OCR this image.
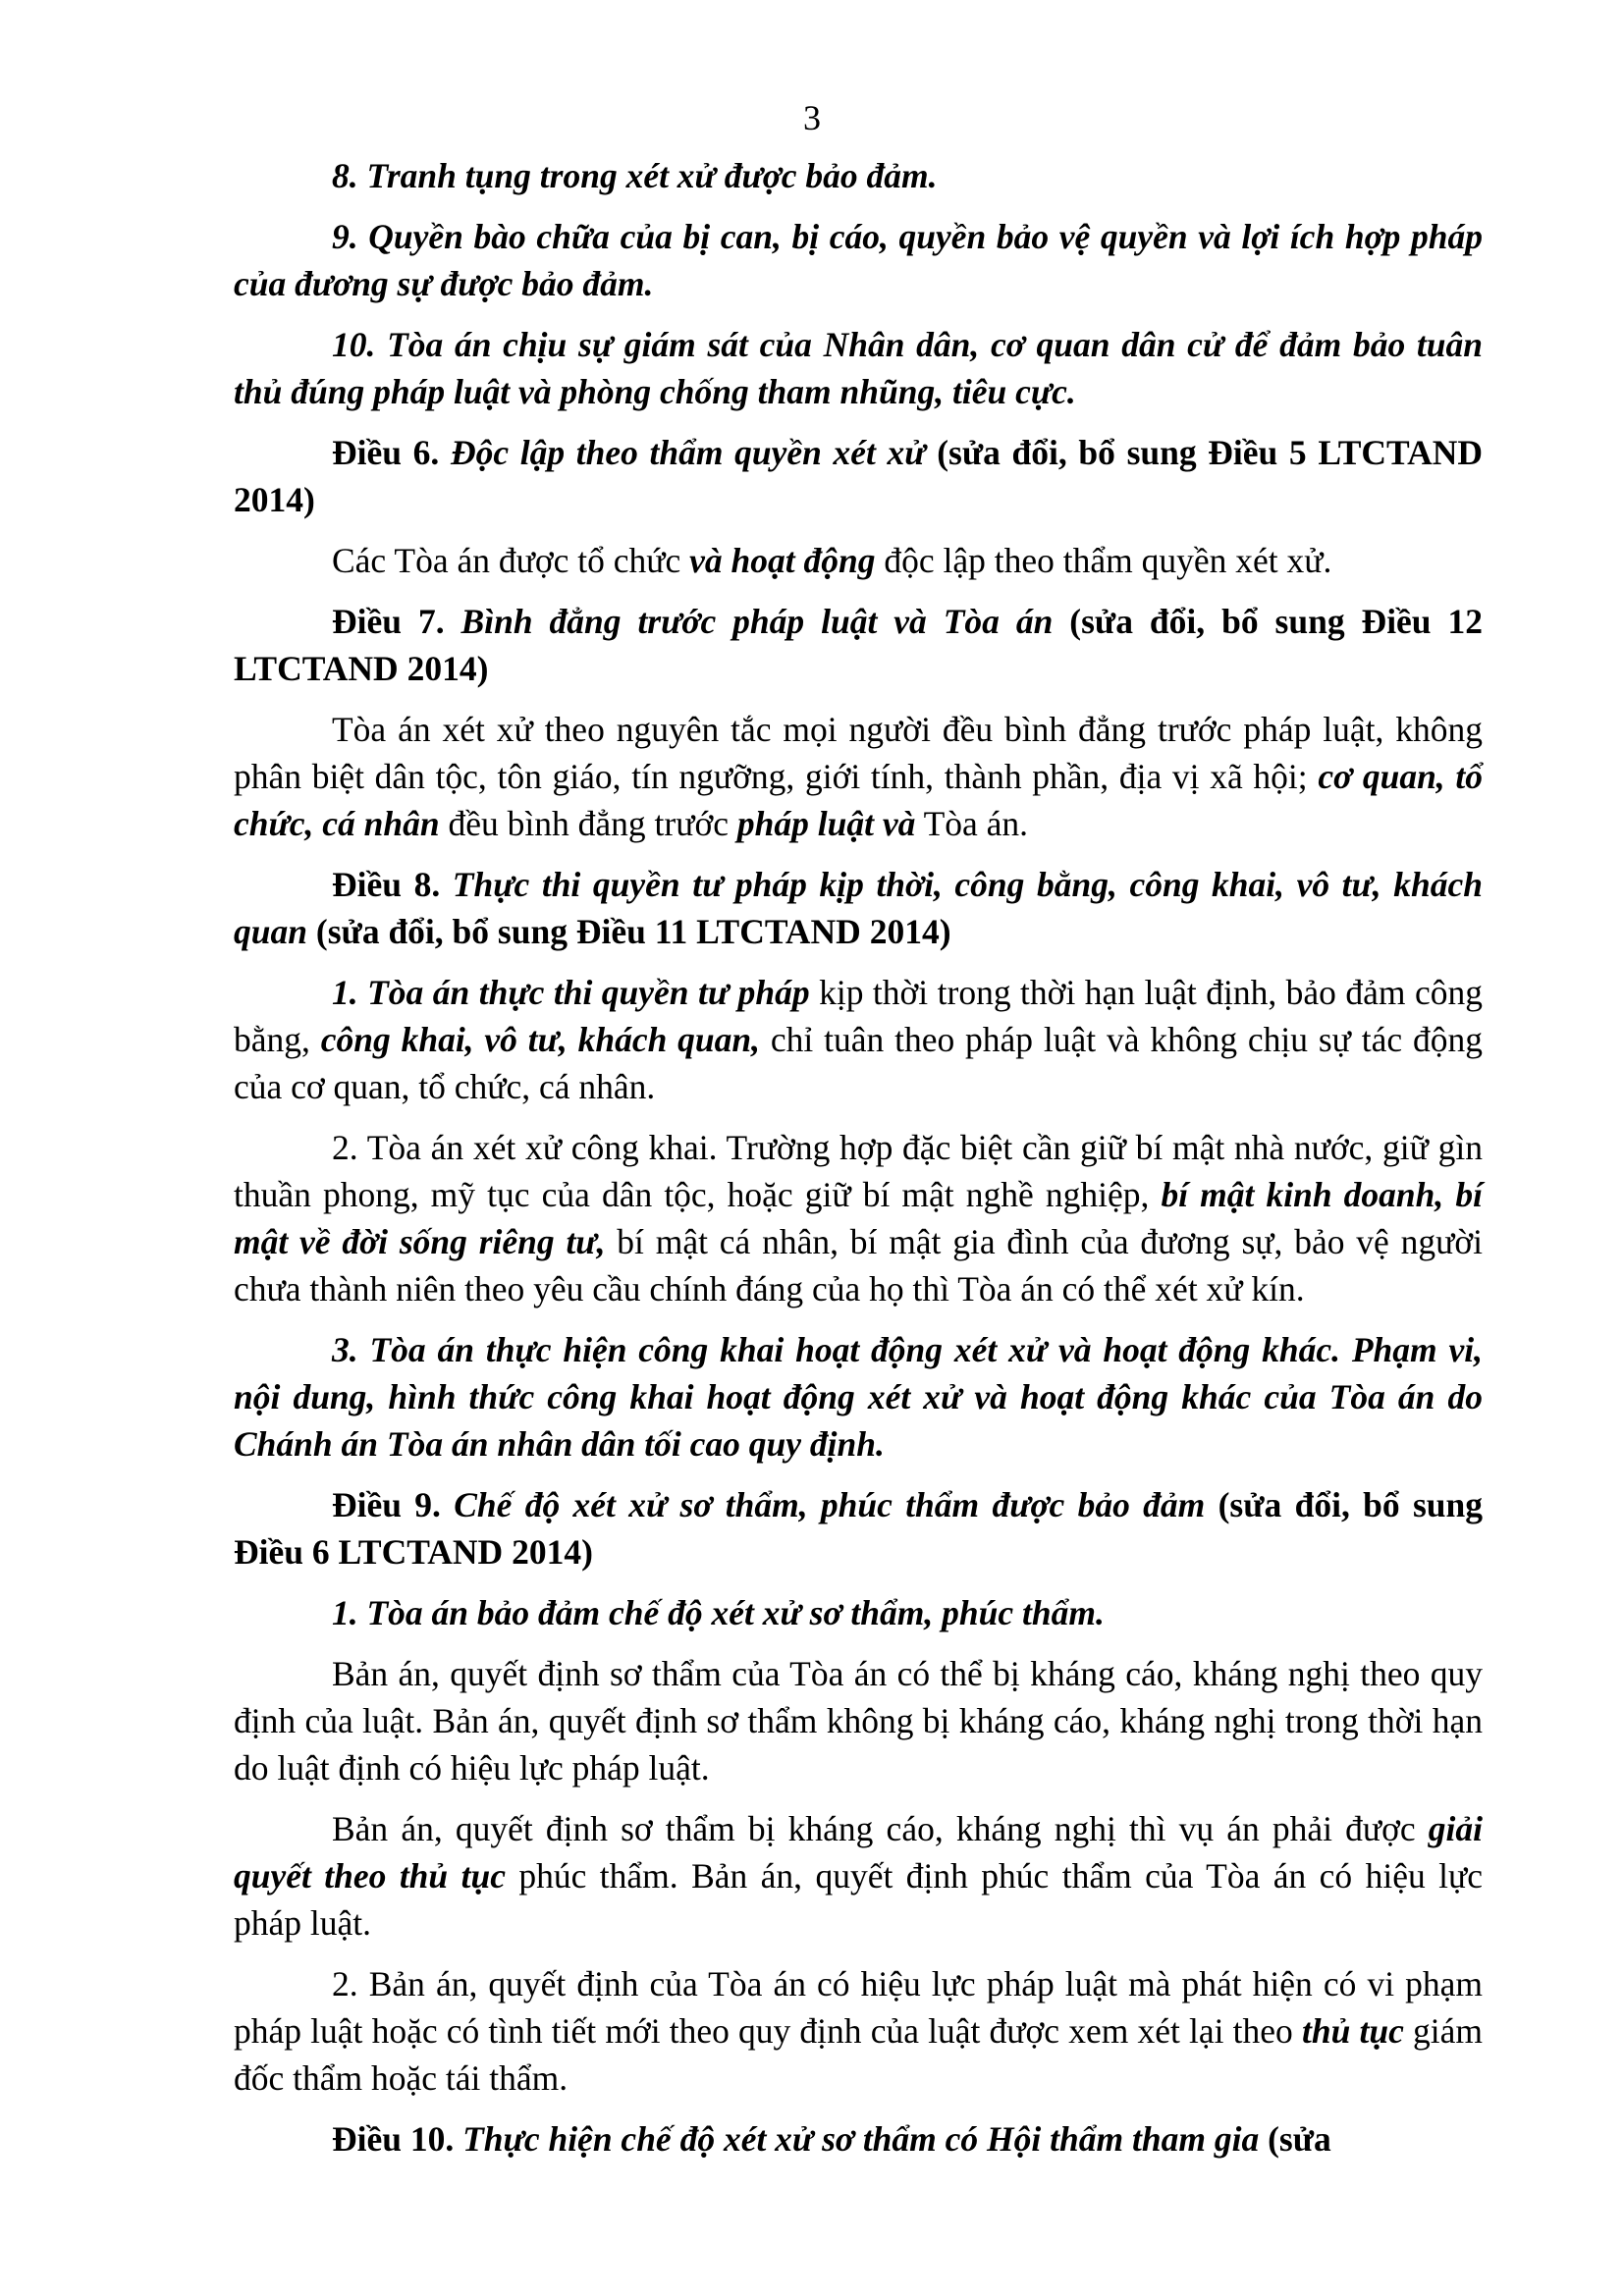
3

8. Tranh tụng trong xét xử được bảo đảm.

9. Quyền bào chữa của bị can, bị cáo, quyền bảo vệ quyền và lợi ích hợp pháp của đương sự được bảo đảm.

10. Tòa án chịu sự giám sát của Nhân dân, cơ quan dân cử để đảm bảo tuân thủ đúng pháp luật và phòng chống tham nhũng, tiêu cực.

Điều 6. Độc lập theo thẩm quyền xét xử (sửa đổi, bổ sung Điều 5 LTCTAND 2014)

Các Tòa án được tổ chức và hoạt động độc lập theo thẩm quyền xét xử.

Điều 7. Bình đẳng trước pháp luật và Tòa án (sửa đổi, bổ sung Điều 12 LTCTAND 2014)

Tòa án xét xử theo nguyên tắc mọi người đều bình đẳng trước pháp luật, không phân biệt dân tộc, tôn giáo, tín ngưỡng, giới tính, thành phần, địa vị xã hội; cơ quan, tổ chức, cá nhân đều bình đẳng trước pháp luật và Tòa án.

Điều 8. Thực thi quyền tư pháp kịp thời, công bằng, công khai, vô tư, khách quan (sửa đổi, bổ sung Điều 11 LTCTAND 2014)

1. Tòa án thực thi quyền tư pháp kịp thời trong thời hạn luật định, bảo đảm công bằng, công khai, vô tư, khách quan, chỉ tuân theo pháp luật và không chịu sự tác động của cơ quan, tổ chức, cá nhân.

2. Tòa án xét xử công khai. Trường hợp đặc biệt cần giữ bí mật nhà nước, giữ gìn thuần phong, mỹ tục của dân tộc, hoặc giữ bí mật nghề nghiệp, bí mật kinh doanh, bí mật về đời sống riêng tư, bí mật cá nhân, bí mật gia đình của đương sự, bảo vệ người chưa thành niên theo yêu cầu chính đáng của họ thì Tòa án có thể xét xử kín.

3. Tòa án thực hiện công khai hoạt động xét xử và hoạt động khác. Phạm vi, nội dung, hình thức công khai hoạt động xét xử và hoạt động khác của Tòa án do Chánh án Tòa án nhân dân tối cao quy định.

Điều 9. Chế độ xét xử sơ thẩm, phúc thẩm được bảo đảm (sửa đổi, bổ sung Điều 6 LTCTAND 2014)

1. Tòa án bảo đảm chế độ xét xử sơ thẩm, phúc thẩm.

Bản án, quyết định sơ thẩm của Tòa án có thể bị kháng cáo, kháng nghị theo quy định của luật. Bản án, quyết định sơ thẩm không bị kháng cáo, kháng nghị trong thời hạn do luật định có hiệu lực pháp luật.

Bản án, quyết định sơ thẩm bị kháng cáo, kháng nghị thì vụ án phải được giải quyết theo thủ tục phúc thẩm. Bản án, quyết định phúc thẩm của Tòa án có hiệu lực pháp luật.

2. Bản án, quyết định của Tòa án có hiệu lực pháp luật mà phát hiện có vi phạm pháp luật hoặc có tình tiết mới theo quy định của luật được xem xét lại theo thủ tục giám đốc thẩm hoặc tái thẩm.

Điều 10. Thực hiện chế độ xét xử sơ thẩm có Hội thẩm tham gia (sửa
